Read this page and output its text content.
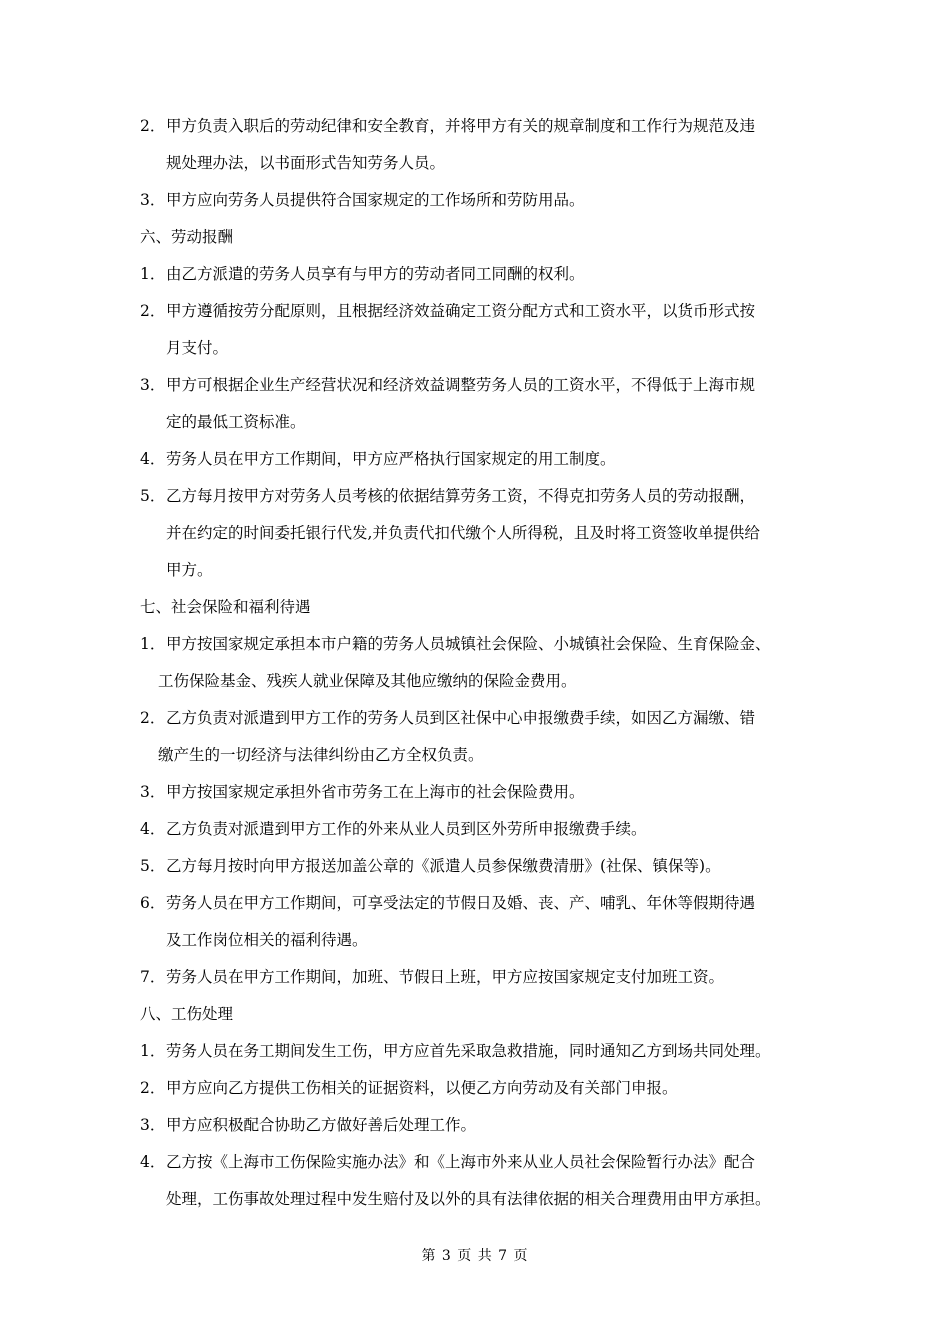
2．甲方负责入职后的劳动纪律和安全教育，并将甲方有关的规章制度和工作行为规范及违
规处理办法，以书面形式告知劳务人员。
3．甲方应向劳务人员提供符合国家规定的工作场所和劳防用品。
六、劳动报酬
1．由乙方派遣的劳务人员享有与甲方的劳动者同工同酬的权利。
2．甲方遵循按劳分配原则，且根据经济效益确定工资分配方式和工资水平，以货币形式按
月支付。
3．甲方可根据企业生产经营状况和经济效益调整劳务人员的工资水平，不得低于上海市规
定的最低工资标准。
4．劳务人员在甲方工作期间，甲方应严格执行国家规定的用工制度。
5．乙方每月按甲方对劳务人员考核的依据结算劳务工资，不得克扣劳务人员的劳动报酬，
并在约定的时间委托银行代发,并负责代扣代缴个人所得税，且及时将工资签收单提供给
甲方。
七、社会保险和福利待遇
1．甲方按国家规定承担本市户籍的劳务人员城镇社会保险、小城镇社会保险、生育保险金、
工伤保险基金、残疾人就业保障及其他应缴纳的保险金费用。
2．乙方负责对派遣到甲方工作的劳务人员到区社保中心申报缴费手续，如因乙方漏缴、错
缴产生的一切经济与法律纠纷由乙方全权负责。
3．甲方按国家规定承担外省市劳务工在上海市的社会保险费用。
4．乙方负责对派遣到甲方工作的外来从业人员到区外劳所申报缴费手续。
5．乙方每月按时向甲方报送加盖公章的《派遣人员参保缴费清册》(社保、镇保等)。
6．劳务人员在甲方工作期间，可享受法定的节假日及婚、丧、产、哺乳、年休等假期待遇
及工作岗位相关的福利待遇。
7．劳务人员在甲方工作期间，加班、节假日上班，甲方应按国家规定支付加班工资。
八、工伤处理
1．劳务人员在务工期间发生工伤，甲方应首先采取急救措施，同时通知乙方到场共同处理。
2．甲方应向乙方提供工伤相关的证据资料，以便乙方向劳动及有关部门申报。
3．甲方应积极配合协助乙方做好善后处理工作。
4．乙方按《上海市工伤保险实施办法》和《上海市外来从业人员社会保险暂行办法》配合
处理，工伤事故处理过程中发生赔付及以外的具有法律依据的相关合理费用由甲方承担。
第 3 页 共 7 页
